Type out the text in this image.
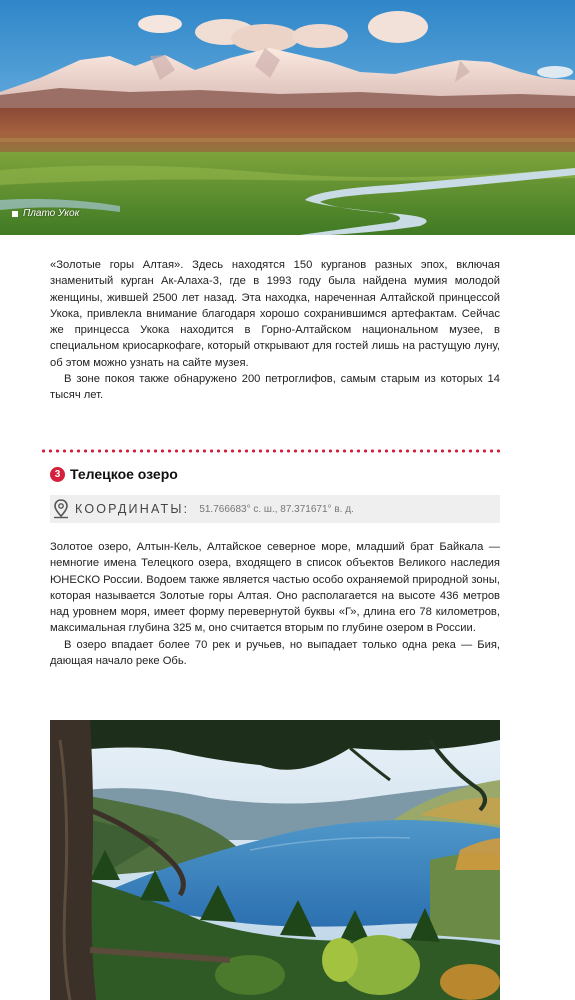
Плато Укок

«Золотые горы Алтая». Здесь находятся 150 курганов разных эпох, включая знаменитый курган Ак-Алаха-3, где в 1993 году была найдена мумия молодой женщины, жившей 2500 лет назад. Эта находка, нареченная Алтайской принцессой Укока, привлекла внимание благодаря хорошо сохранившимся артефактам. Сейчас же принцесса Укока находится в Горно-Алтайском национальном музее, в специальном криосаркофаге, который открывают для гостей лишь на растущую луну, об этом можно узнать на сайте музея.

В зоне покоя также обнаружено 200 петроглифов, самым старым из которых 14 тысяч лет.

3 Телецкое озеро
КООРДИНАТЫ: 51.766683° с. ш., 87.371671° в. д.

Золотое озеро, Алтын-Кель, Алтайское северное море, младший брат Байкала — немногие имена Телецкого озера, входящего в список объектов Великого наследия ЮНЕСКО России. Водоем также является частью особо охраняемой природной зоны, которая называется Золотые горы Алтая. Оно располагается на высоте 436 метров над уровнем моря, имеет форму перевернутой буквы «Г», длина его 78 километров, максимальная глубина 325 м, оно считается вторым по глубине озером в России.

В озеро впадает более 70 рек и ручьев, но выпадает только одна река — Бия, дающая начало реке Обь.
